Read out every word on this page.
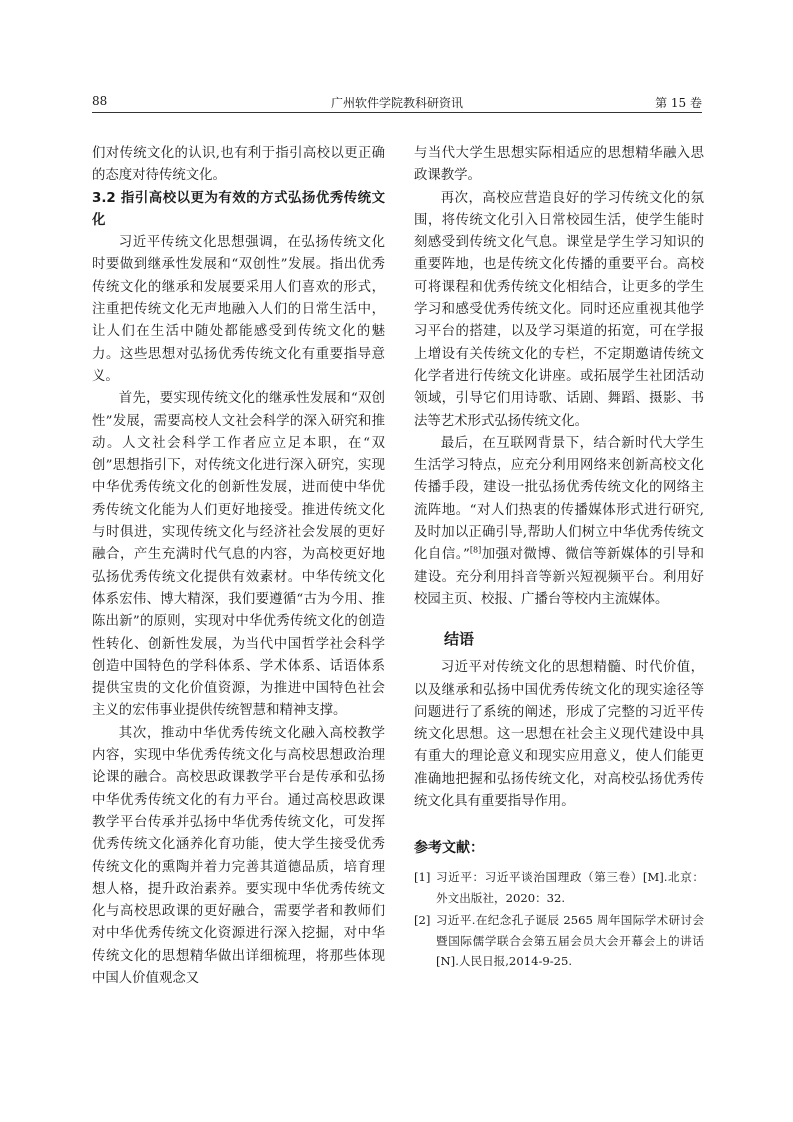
88	广州软件学院教科研资讯	第 15 卷

们对传统文化的认识,也有利于指引高校以更正确的态度对待传统文化。

3.2 指引高校以更为有效的方式弘扬优秀传统文化

习近平传统文化思想强调，在弘扬传统文化时要做到继承性发展和“双创性”发展。指出优秀传统文化的继承和发展要采用人们喜欢的形式，注重把传统文化无声地融入人们的日常生活中，让人们在生活中随处都能感受到传统文化的魅力。这些思想对弘扬优秀传统文化有重要指导意义。

首先，要实现传统文化的继承性发展和“双创性”发展，需要高校人文社会科学的深入研究和推动。人文社会科学工作者应立足本职，在“双创”思想指引下，对传统文化进行深入研究，实现中华优秀传统文化的创新性发展，进而使中华优秀传统文化能为人们更好地接受。推进传统文化与时俱进，实现传统文化与经济社会发展的更好融合，产生充满时代气息的内容，为高校更好地弘扬优秀传统文化提供有效素材。中华传统文化体系宏伟、博大精深，我们要遵循“古为今用、推陈出新”的原则，实现对中华优秀传统文化的创造性转化、创新性发展，为当代中国哲学社会科学创造中国特色的学科体系、学术体系、话语体系提供宝贵的文化价值资源，为推进中国特色社会主义的宏伟事业提供传统智慧和精神支撑。

其次，推动中华优秀传统文化融入高校教学内容，实现中华优秀传统文化与高校思想政治理论课的融合。高校思政课教学平台是传承和弘扬中华优秀传统文化的有力平台。通过高校思政课教学平台传承并弘扬中华优秀传统文化，可发挥优秀传统文化涵养化育功能，使大学生接受优秀传统文化的熏陶并着力完善其道德品质，培育理想人格，提升政治素养。要实现中华优秀传统文化与高校思政课的更好融合，需要学者和教师们对中华优秀传统文化资源进行深入挖掘，对中华传统文化的思想精华做出详细梳理，将那些体现中国人价值观念又

与当代大学生思想实际相适应的思想精华融入思政课教学。

再次，高校应营造良好的学习传统文化的氛围，将传统文化引入日常校园生活，使学生能时刻感受到传统文化气息。课堂是学生学习知识的重要阵地，也是传统文化传播的重要平台。高校可将课程和优秀传统文化相结合，让更多的学生学习和感受优秀传统文化。同时还应重视其他学习平台的搭建，以及学习渠道的拓宽，可在学报上增设有关传统文化的专栏，不定期邀请传统文化学者进行传统文化讲座。或拓展学生社团活动领域，引导它们用诗歌、话剧、舞蹈、摄影、书法等艺术形式弘扬传统文化。

最后，在互联网背景下，结合新时代大学生生活学习特点，应充分利用网络来创新高校文化传播手段，建设一批弘扬优秀传统文化的网络主流阵地。“对人们热衷的传播媒体形式进行研究,及时加以正确引导,帮助人们树立中华优秀传统文化自信。”[8]加强对微博、微信等新媒体的引导和建设。充分利用抖音等新兴短视频平台。利用好校园主页、校报、广播台等校内主流媒体。

结语

习近平对传统文化的思想精髓、时代价值，以及继承和弘扬中国优秀传统文化的现实途径等问题进行了系统的阐述，形成了完整的习近平传统文化思想。这一思想在社会主义现代建设中具有重大的理论意义和现实应用意义，使人们能更准确地把握和弘扬传统文化，对高校弘扬优秀传统文化具有重要指导作用。

参考文献：
[1] 习近平：习近平谈治国理政（第三卷）[M].北京：外文出版社，2020：32.
[2] 习近平.在纪念孔子诞辰 2565 周年国际学术研讨会暨国际儒学联合会第五届会员大会开幕会上的讲话[N].人民日报,2014-9-25.
